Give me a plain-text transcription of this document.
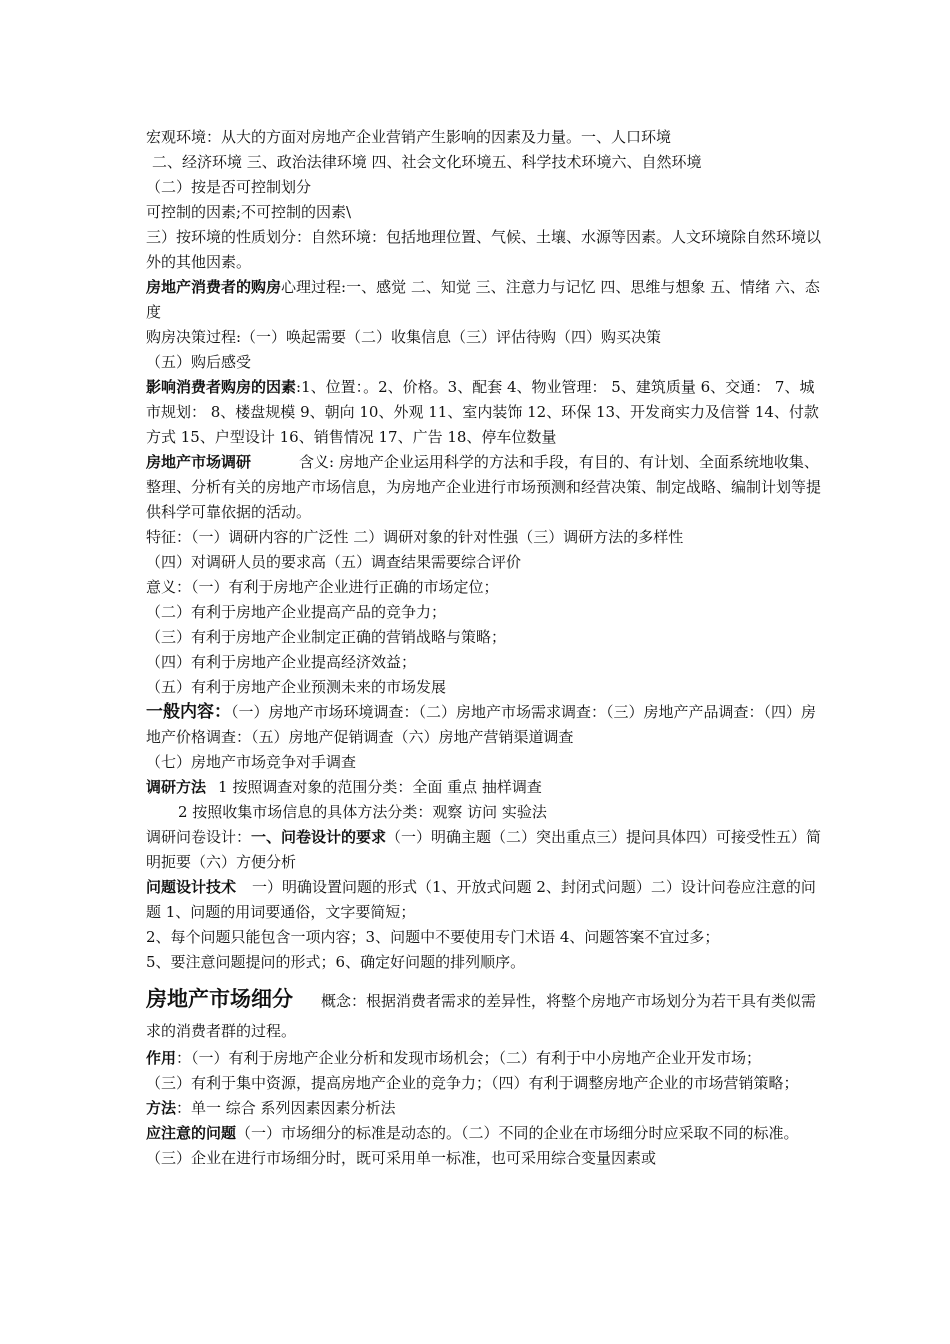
宏观环境：从大的方面对房地产企业营销产生影响的因素及力量。一、人口环境

二、经济环境 三、政治法律环境 四、社会文化环境五、科学技术环境六、自然环境

（二）按是否可控制划分

可控制的因素;不可控制的因素\

三）按环境的性质划分：自然环境：包括地理位置、气候、土壤、水源等因素。人文环境除自然环境以外的其他因素。

房地产消费者的购房心理过程:一、感觉 二、知觉 三、注意力与记忆 四、思维与想象 五、情绪 六、态度

购房决策过程:（一）唤起需要（二）收集信息（三）评估待购（四）购买决策

（五）购后感受

影响消费者购房的因素:1、位置：。2、价格。3、配套 4、物业管理： 5、建筑质量 6、交通： 7、城市规划： 8、楼盘规模 9、朝向 10、外观 11、室内装饰 12、环保 13、开发商实力及信誉 14、付款方式 15、户型设计 16、销售情况 17、广告 18、停车位数量

房地产市场调研	含义: 房地产企业运用科学的方法和手段，有目的、有计划、全面系统地收集、整理、分析有关的房地产市场信息，为房地产企业进行市场预测和经营决策、制定战略、编制计划等提供科学可靠依据的活动。

特征：（一）调研内容的广泛性 二）调研对象的针对性强（三）调研方法的多样性

（四）对调研人员的要求高（五）调查结果需要综合评价

意义：（一）有利于房地产企业进行正确的市场定位；

（二）有利于房地产企业提高产品的竞争力；

（三）有利于房地产企业制定正确的营销战略与策略；

（四）有利于房地产企业提高经济效益；

（五）有利于房地产企业预测未来的市场发展

一般内容：（一）房地产市场环境调查：（二）房地产市场需求调查：（三）房地产产品调查：（四）房地产价格调查：（五）房地产促销调查（六）房地产营销渠道调查

（七）房地产市场竞争对手调查

调研方法 1 按照调查对象的范围分类：全面 重点 抽样调查

2 按照收集市场信息的具体方法分类：观察 访问 实验法

调研问卷设计：一、问卷设计的要求（一）明确主题（二）突出重点三）提问具体四）可接受性五）简明扼要（六）方便分析

问题设计技术 一）明确设置问题的形式（1、开放式问题 2、封闭式问题）二）设计问卷应注意的问题 1、问题的用词要通俗，文字要简短；

2、每个问题只能包含一项内容；3、问题中不要使用专门术语 4、问题答案不宜过多；

5、要注意问题提问的形式；6、确定好问题的排列顺序。

房地产市场细分 概念：根据消费者需求的差异性，将整个房地产市场划分为若干具有类似需求的消费者群的过程。

作用：（一）有利于房地产企业分析和发现市场机会；（二）有利于中小房地产企业开发市场；

（三）有利于集中资源，提高房地产企业的竞争力；（四）有利于调整房地产企业的市场营销策略；

方法：单一 综合 系列因素因素分析法

应注意的问题（一）市场细分的标准是动态的。（二）不同的企业在市场细分时应采取不同的标准。（三）企业在进行市场细分时，既可采用单一标准，也可采用综合变量因素或
